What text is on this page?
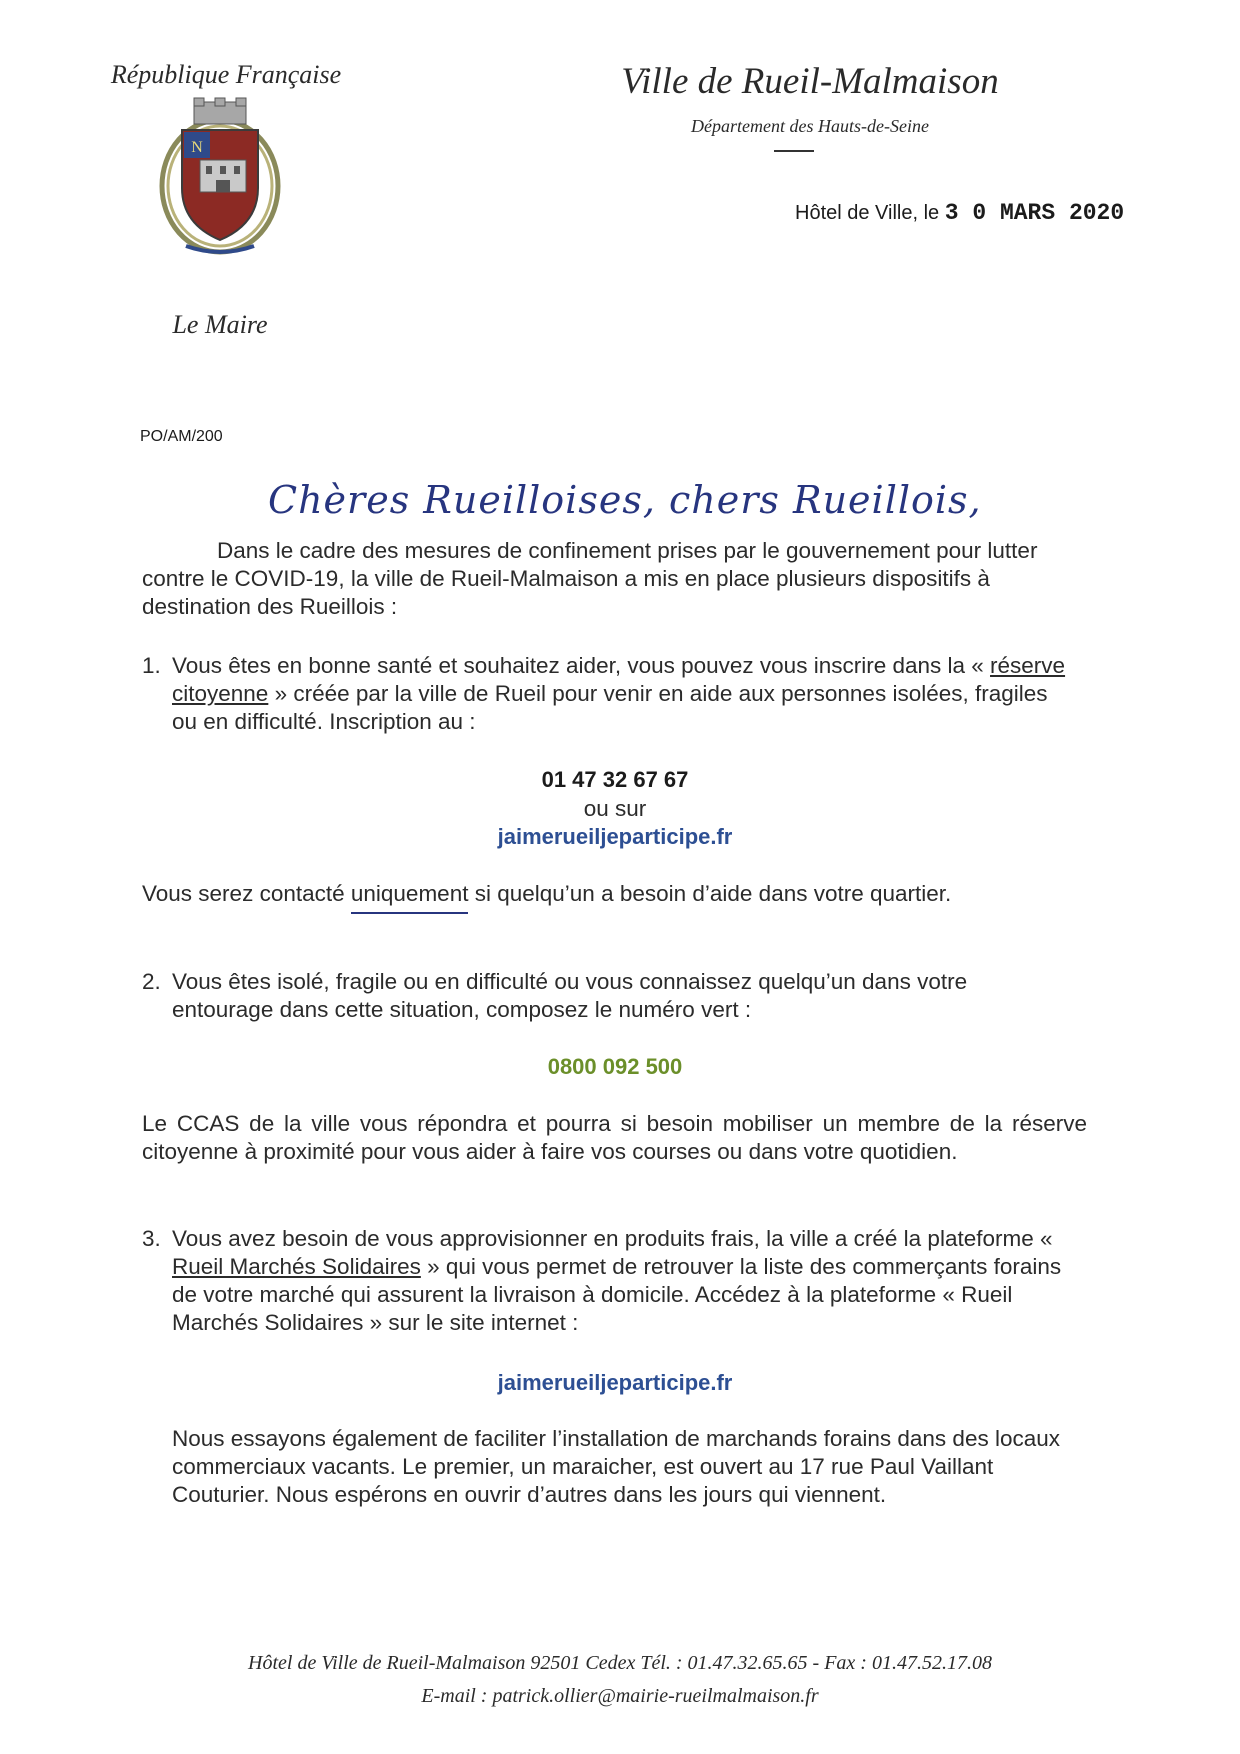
République Française
N
Le Maire
Ville de Rueil-Malmaison
Département des Hauts-de-Seine
Hôtel de Ville, le 3 0 MARS 2020
PO/AM/200
Chères Rueilloises, chers Rueillois,
Dans le cadre des mesures de confinement prises par le gouvernement pour lutter contre le COVID-19, la ville de Rueil-Malmaison a mis en place plusieurs dispositifs à destination des Rueillois :
1. Vous êtes en bonne santé et souhaitez aider, vous pouvez vous inscrire dans la « réserve citoyenne » créée par la ville de Rueil pour venir en aide aux personnes isolées, fragiles ou en difficulté. Inscription au :
01 47 32 67 67
ou sur
jaimerueiljeparticipe.fr
Vous serez contacté uniquement si quelqu’un a besoin d’aide dans votre quartier.
2. Vous êtes isolé, fragile ou en difficulté ou vous connaissez quelqu’un dans votre entourage dans cette situation, composez le numéro vert :
0800 092 500
Le CCAS de la ville vous répondra et pourra si besoin mobiliser un membre de la réserve citoyenne à proximité pour vous aider à faire vos courses ou dans votre quotidien.
3. Vous avez besoin de vous approvisionner en produits frais, la ville a créé la plateforme « Rueil Marchés Solidaires » qui vous permet de retrouver la liste des commerçants forains de votre marché qui assurent la livraison à domicile. Accédez à la plateforme « Rueil Marchés Solidaires » sur le site internet :
jaimerueiljeparticipe.fr
Nous essayons également de faciliter l’installation de marchands forains dans des locaux commerciaux vacants. Le premier, un maraicher, est ouvert au 17 rue Paul Vaillant Couturier. Nous espérons en ouvrir d’autres dans les jours qui viennent.
Hôtel de Ville de Rueil-Malmaison 92501 Cedex Tél. : 01.47.32.65.65 - Fax : 01.47.52.17.08
E-mail : patrick.ollier@mairie-rueilmalmaison.fr
